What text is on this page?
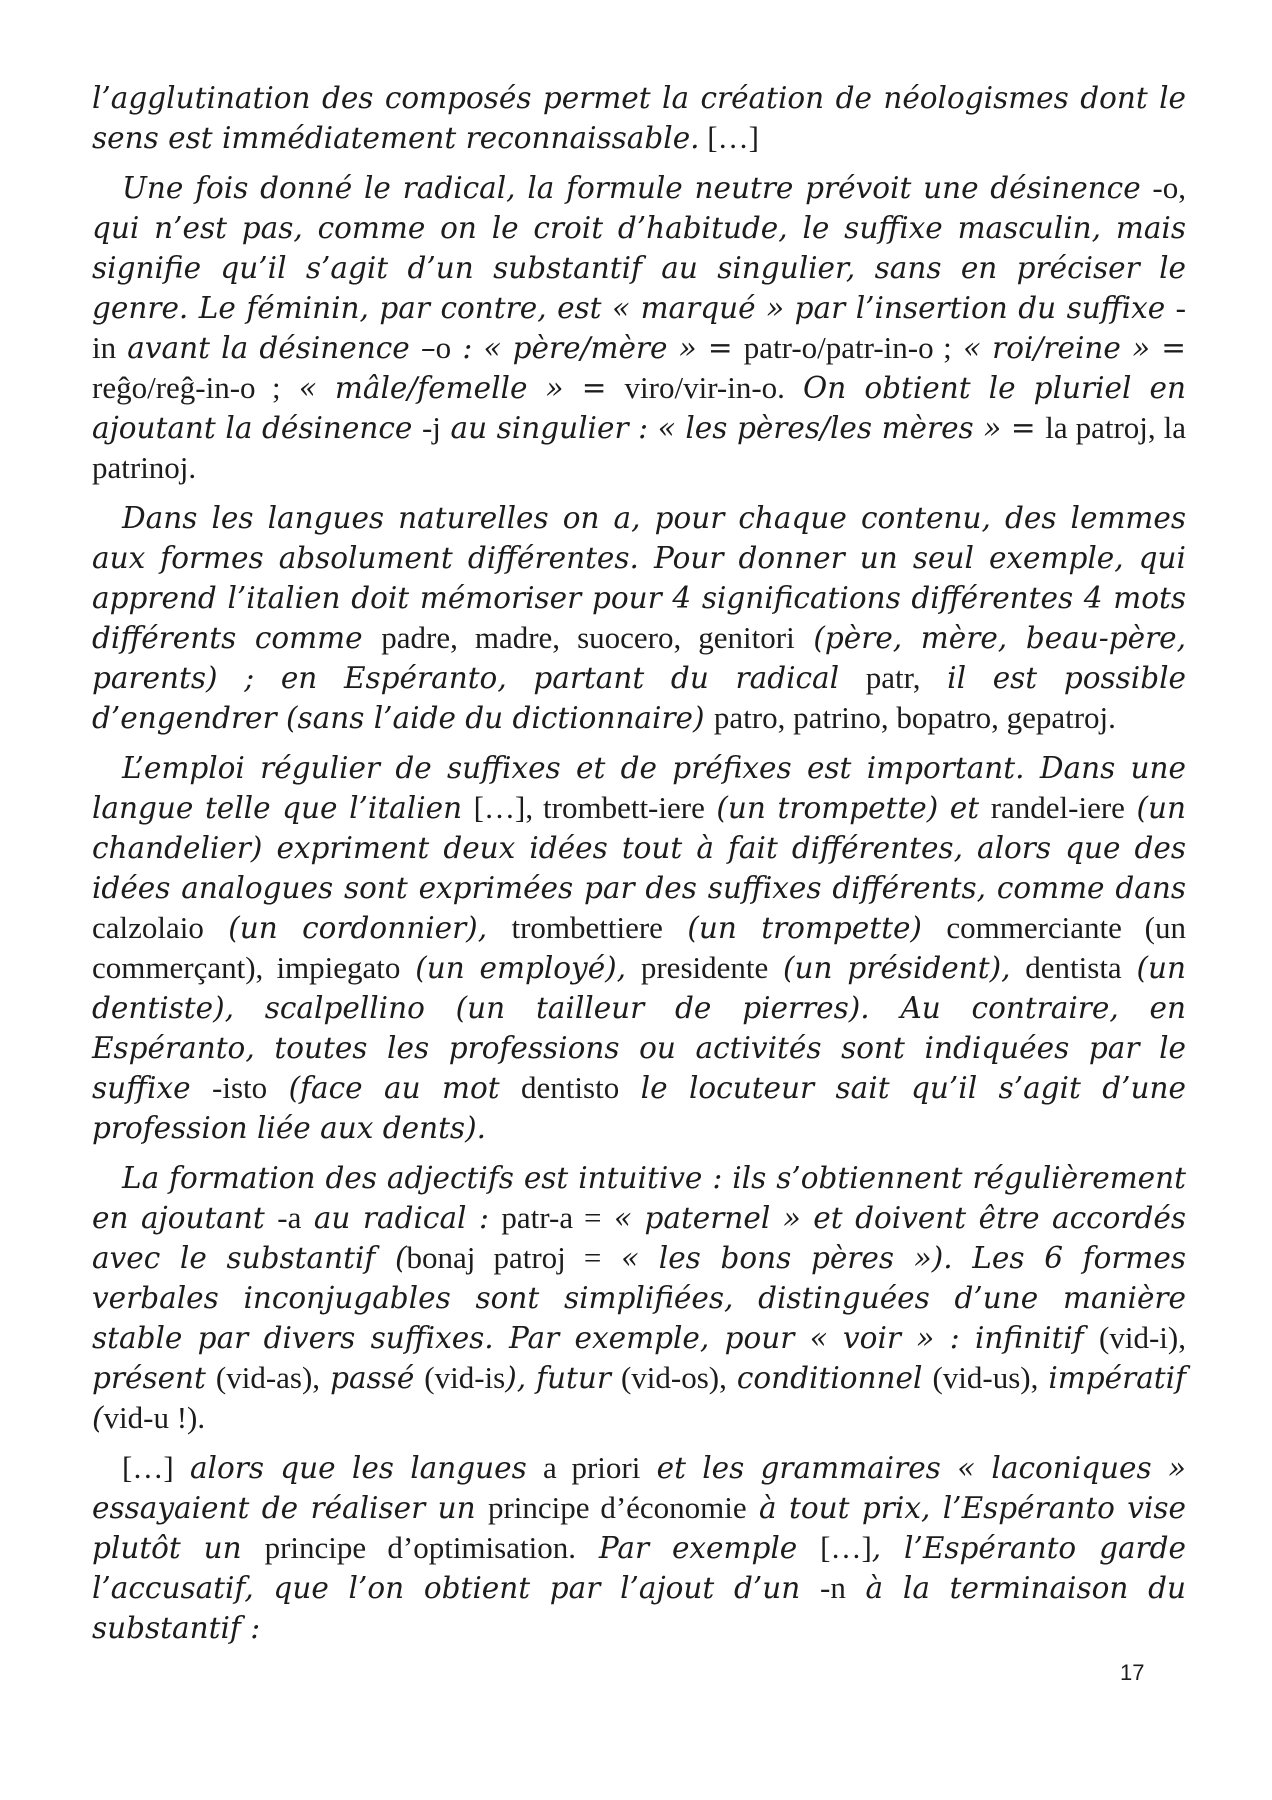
l’agglutination des composés permet la création de néologismes dont le sens est immédiatement reconnaissable. […]

Une fois donné le radical, la formule neutre prévoit une désinence -o, qui n’est pas, comme on le croit d’habitude, le suffixe masculin, mais signifie qu’il s’agit d’un substantif au singulier, sans en préciser le genre. Le féminin, par contre, est « marqué » par l’insertion du suffixe -in avant la désinence –o : « père/mère » = patr-o/patr-in-o ; « roi/reine » = reĝo/reĝ-in-o ; « mâle/femelle » = viro/vir-in-o. On obtient le pluriel en ajoutant la désinence -j au singulier : « les pères/les mères » = la patroj, la patrinoj.

Dans les langues naturelles on a, pour chaque contenu, des lemmes aux formes absolument différentes. Pour donner un seul exemple, qui apprend l’italien doit mémoriser pour 4 significations différentes 4 mots différents comme padre, madre, suocero, genitori (père, mère, beau-père, parents) ; en Espéranto, partant du radical patr, il est possible d’engendrer (sans l’aide du dictionnaire) patro, patrino, bopatro, gepatroj.

L’emploi régulier de suffixes et de préfixes est important. Dans une langue telle que l’italien […], trombett-iere (un trompette) et randel-iere (un chandelier) expriment deux idées tout à fait différentes, alors que des idées analogues sont exprimées par des suffixes différents, comme dans calzolaio (un cordonnier), trombettiere (un trompette) commerciante (un commerçant), impiegato (un employé), presidente (un président), dentista (un dentiste), scalpellino (un tailleur de pierres). Au contraire, en Espéranto, toutes les professions ou activités sont indiquées par le suffixe -isto (face au mot dentisto le locuteur sait qu’il s’agit d’une profession liée aux dents).

La formation des adjectifs est intuitive : ils s’obtiennent régulièrement en ajoutant -a au radical : patr-a = « paternel » et doivent être accordés avec le substantif (bonaj patroj = « les bons pères »). Les 6 formes verbales inconjugables sont simplifiées, distinguées d’une manière stable par divers suffixes. Par exemple, pour « voir » : infinitif (vid-i), présent (vid-as), passé (vid-is), futur (vid-os), conditionnel (vid-us), impératif (vid-u !).

[…] alors que les langues a priori et les grammaires « laconiques » essayaient de réaliser un principe d’économie à tout prix, l’Espéranto vise plutôt un principe d’optimisation. Par exemple […], l’Espéranto garde l’accusatif, que l’on obtient par l’ajout d’un -n à la terminaison du substantif :

17
